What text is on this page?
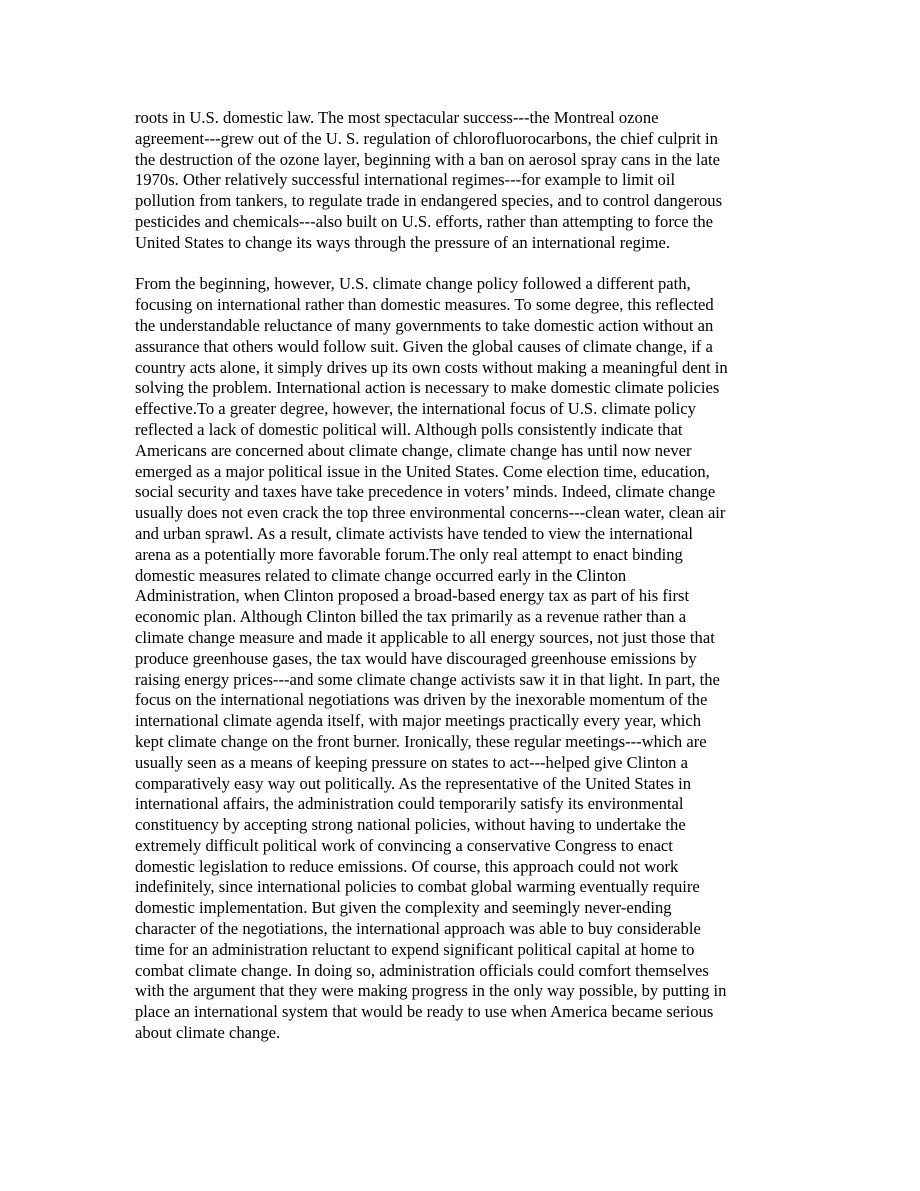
roots in U.S. domestic law. The most spectacular success---the Montreal ozone
agreement---grew out of the U. S. regulation of chlorofluorocarbons, the chief culprit in
the destruction of the ozone layer, beginning with a ban on aerosol spray cans in the late
1970s. Other relatively successful international regimes---for example to limit oil
pollution from tankers, to regulate trade in endangered species, and to control dangerous
pesticides and chemicals---also built on U.S. efforts, rather than attempting to force the
United States to change its ways through the pressure of an international regime.
From the beginning, however, U.S. climate change policy followed a different path,
focusing on international rather than domestic measures. To some degree, this reflected
the understandable reluctance of many governments to take domestic action without an
assurance that others would follow suit. Given the global causes of climate change, if a
country acts alone, it simply drives up its own costs without making a meaningful dent in
solving the problem. International action is necessary to make domestic climate policies
effective.To a greater degree, however, the international focus of U.S. climate policy
reflected a lack of domestic political will. Although polls consistently indicate that
Americans are concerned about climate change, climate change has until now never
emerged as a major political issue in the United States. Come election time, education,
social security and taxes have take precedence in voters’ minds. Indeed, climate change
usually does not even crack the top three environmental concerns---clean water, clean air
and urban sprawl. As a result, climate activists have tended to view the international
arena as a potentially more favorable forum.The only real attempt to enact binding
domestic measures related to climate change occurred early in the Clinton
Administration, when Clinton proposed a broad-based energy tax as part of his first
economic plan. Although Clinton billed the tax primarily as a revenue rather than a
climate change measure and made it applicable to all energy sources, not just those that
produce greenhouse gases, the tax would have discouraged greenhouse emissions by
raising energy prices---and some climate change activists saw it in that light. In part, the
focus on the international negotiations was driven by the inexorable momentum of the
international climate agenda itself, with major meetings practically every year, which
kept climate change on the front burner. Ironically, these regular meetings---which are
usually seen as a means of keeping pressure on states to act---helped give Clinton a
comparatively easy way out politically. As the representative of the United States in
international affairs, the administration could temporarily satisfy its environmental
constituency by accepting strong national policies, without having to undertake the
extremely difficult political work of convincing a conservative Congress to enact
domestic legislation to reduce emissions. Of course, this approach could not work
indefinitely, since international policies to combat global warming eventually require
domestic implementation. But given the complexity and seemingly never-ending
character of the negotiations, the international approach was able to buy considerable
time for an administration reluctant to expend significant political capital at home to
combat climate change. In doing so, administration officials could comfort themselves
with the argument that they were making progress in the only way possible, by putting in
place an international system that would be ready to use when America became serious
about climate change.
